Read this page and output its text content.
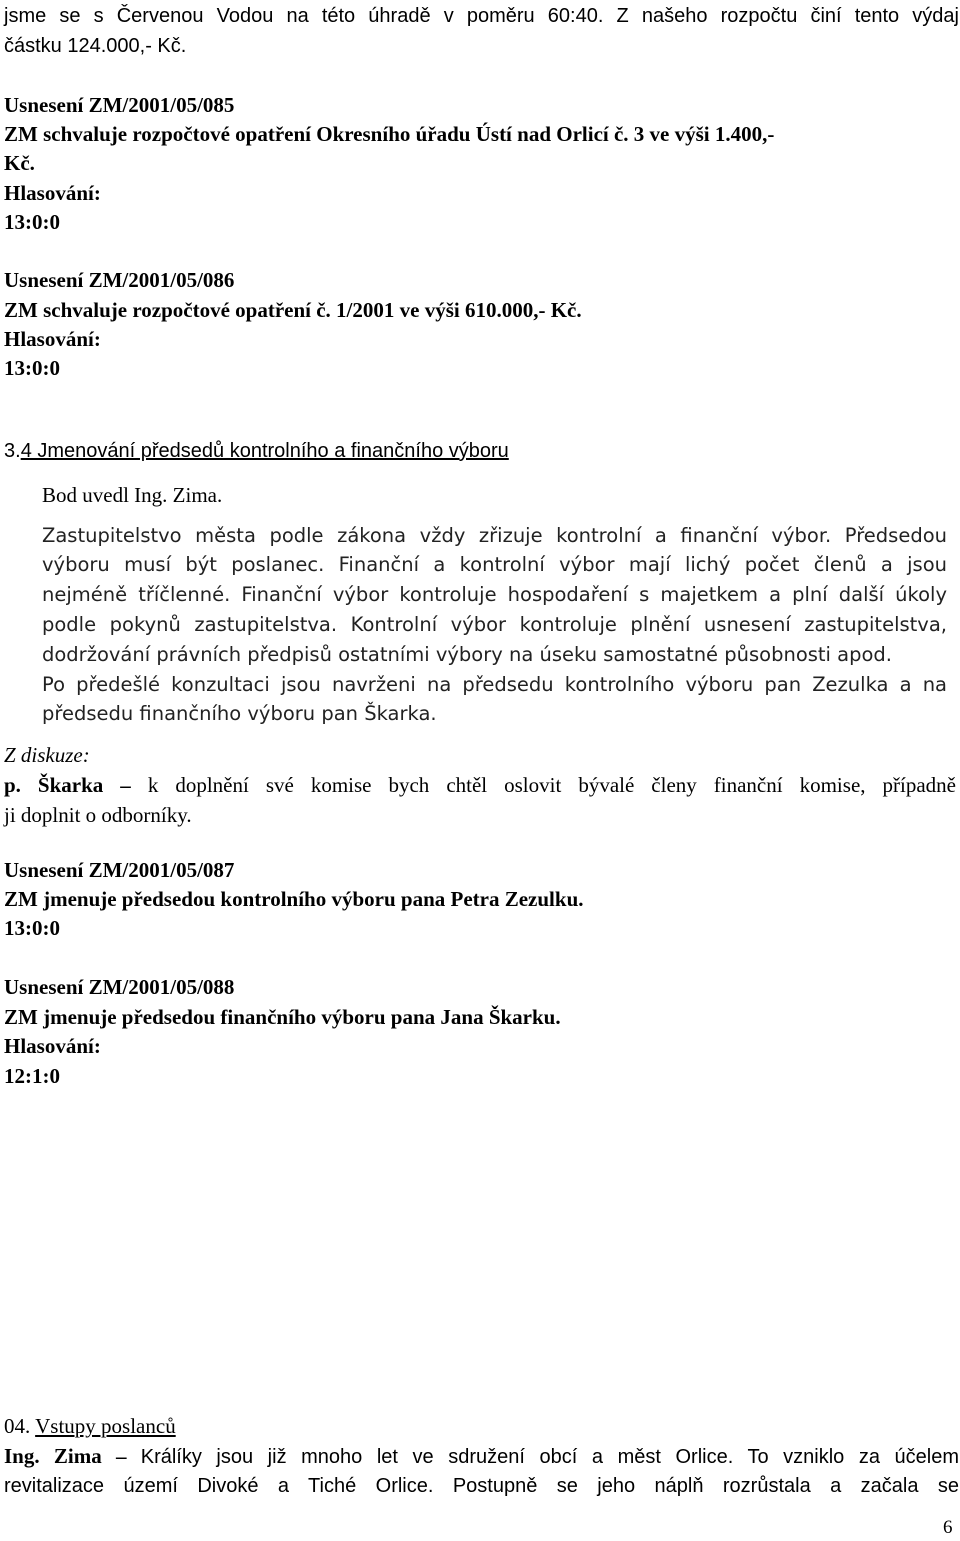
jsme se s Červenou Vodou na této úhradě v poměru 60:40. Z našeho rozpočtu činí tento výdaj
částku 124.000,- Kč.
Usnesení ZM/2001/05/085
ZM schvaluje rozpočtové opatření Okresního úřadu Ústí nad Orlicí č. 3 ve výši 1.400,-
Kč.
Hlasování:
13:0:0
Usnesení ZM/2001/05/086
ZM schvaluje rozpočtové opatření č. 1/2001 ve výši 610.000,- Kč.
Hlasování:
13:0:0
3.4 Jmenování předsedů kontrolního a finančního výboru
Bod uvedl Ing. Zima.
Zastupitelstvo města podle zákona vždy zřizuje kontrolní a finanční výbor. Předsedou
výboru musí být poslanec. Finanční a kontrolní výbor mají lichý počet členů a jsou
nejméně tříčlenné. Finanční výbor kontroluje hospodaření s majetkem a plní další úkoly
podle pokynů zastupitelstva. Kontrolní výbor kontroluje plnění usnesení zastupitelstva,
dodržování právních předpisů ostatními výbory na úseku samostatné působnosti apod.
Po předešlé konzultaci jsou navrženi na předsedu kontrolního výboru pan Zezulka a na
předsedu finančního výboru pan Škarka.
Z diskuze:
p. Škarka – k doplnění své komise bych chtěl oslovit bývalé členy finanční komise, případně
ji doplnit o odborníky.
Usnesení ZM/2001/05/087
ZM jmenuje předsedou kontrolního výboru pana Petra Zezulku.
13:0:0
Usnesení ZM/2001/05/088
ZM jmenuje předsedou finančního výboru pana Jana Škarku.
Hlasování:
12:1:0
04. Vstupy poslanců
Ing. Zima – Králíky jsou již mnoho let ve sdružení obcí a měst Orlice. To vzniklo za účelem
revitalizace území Divoké a Tiché Orlice. Postupně se jeho náplň rozrůstala a začala se
6
